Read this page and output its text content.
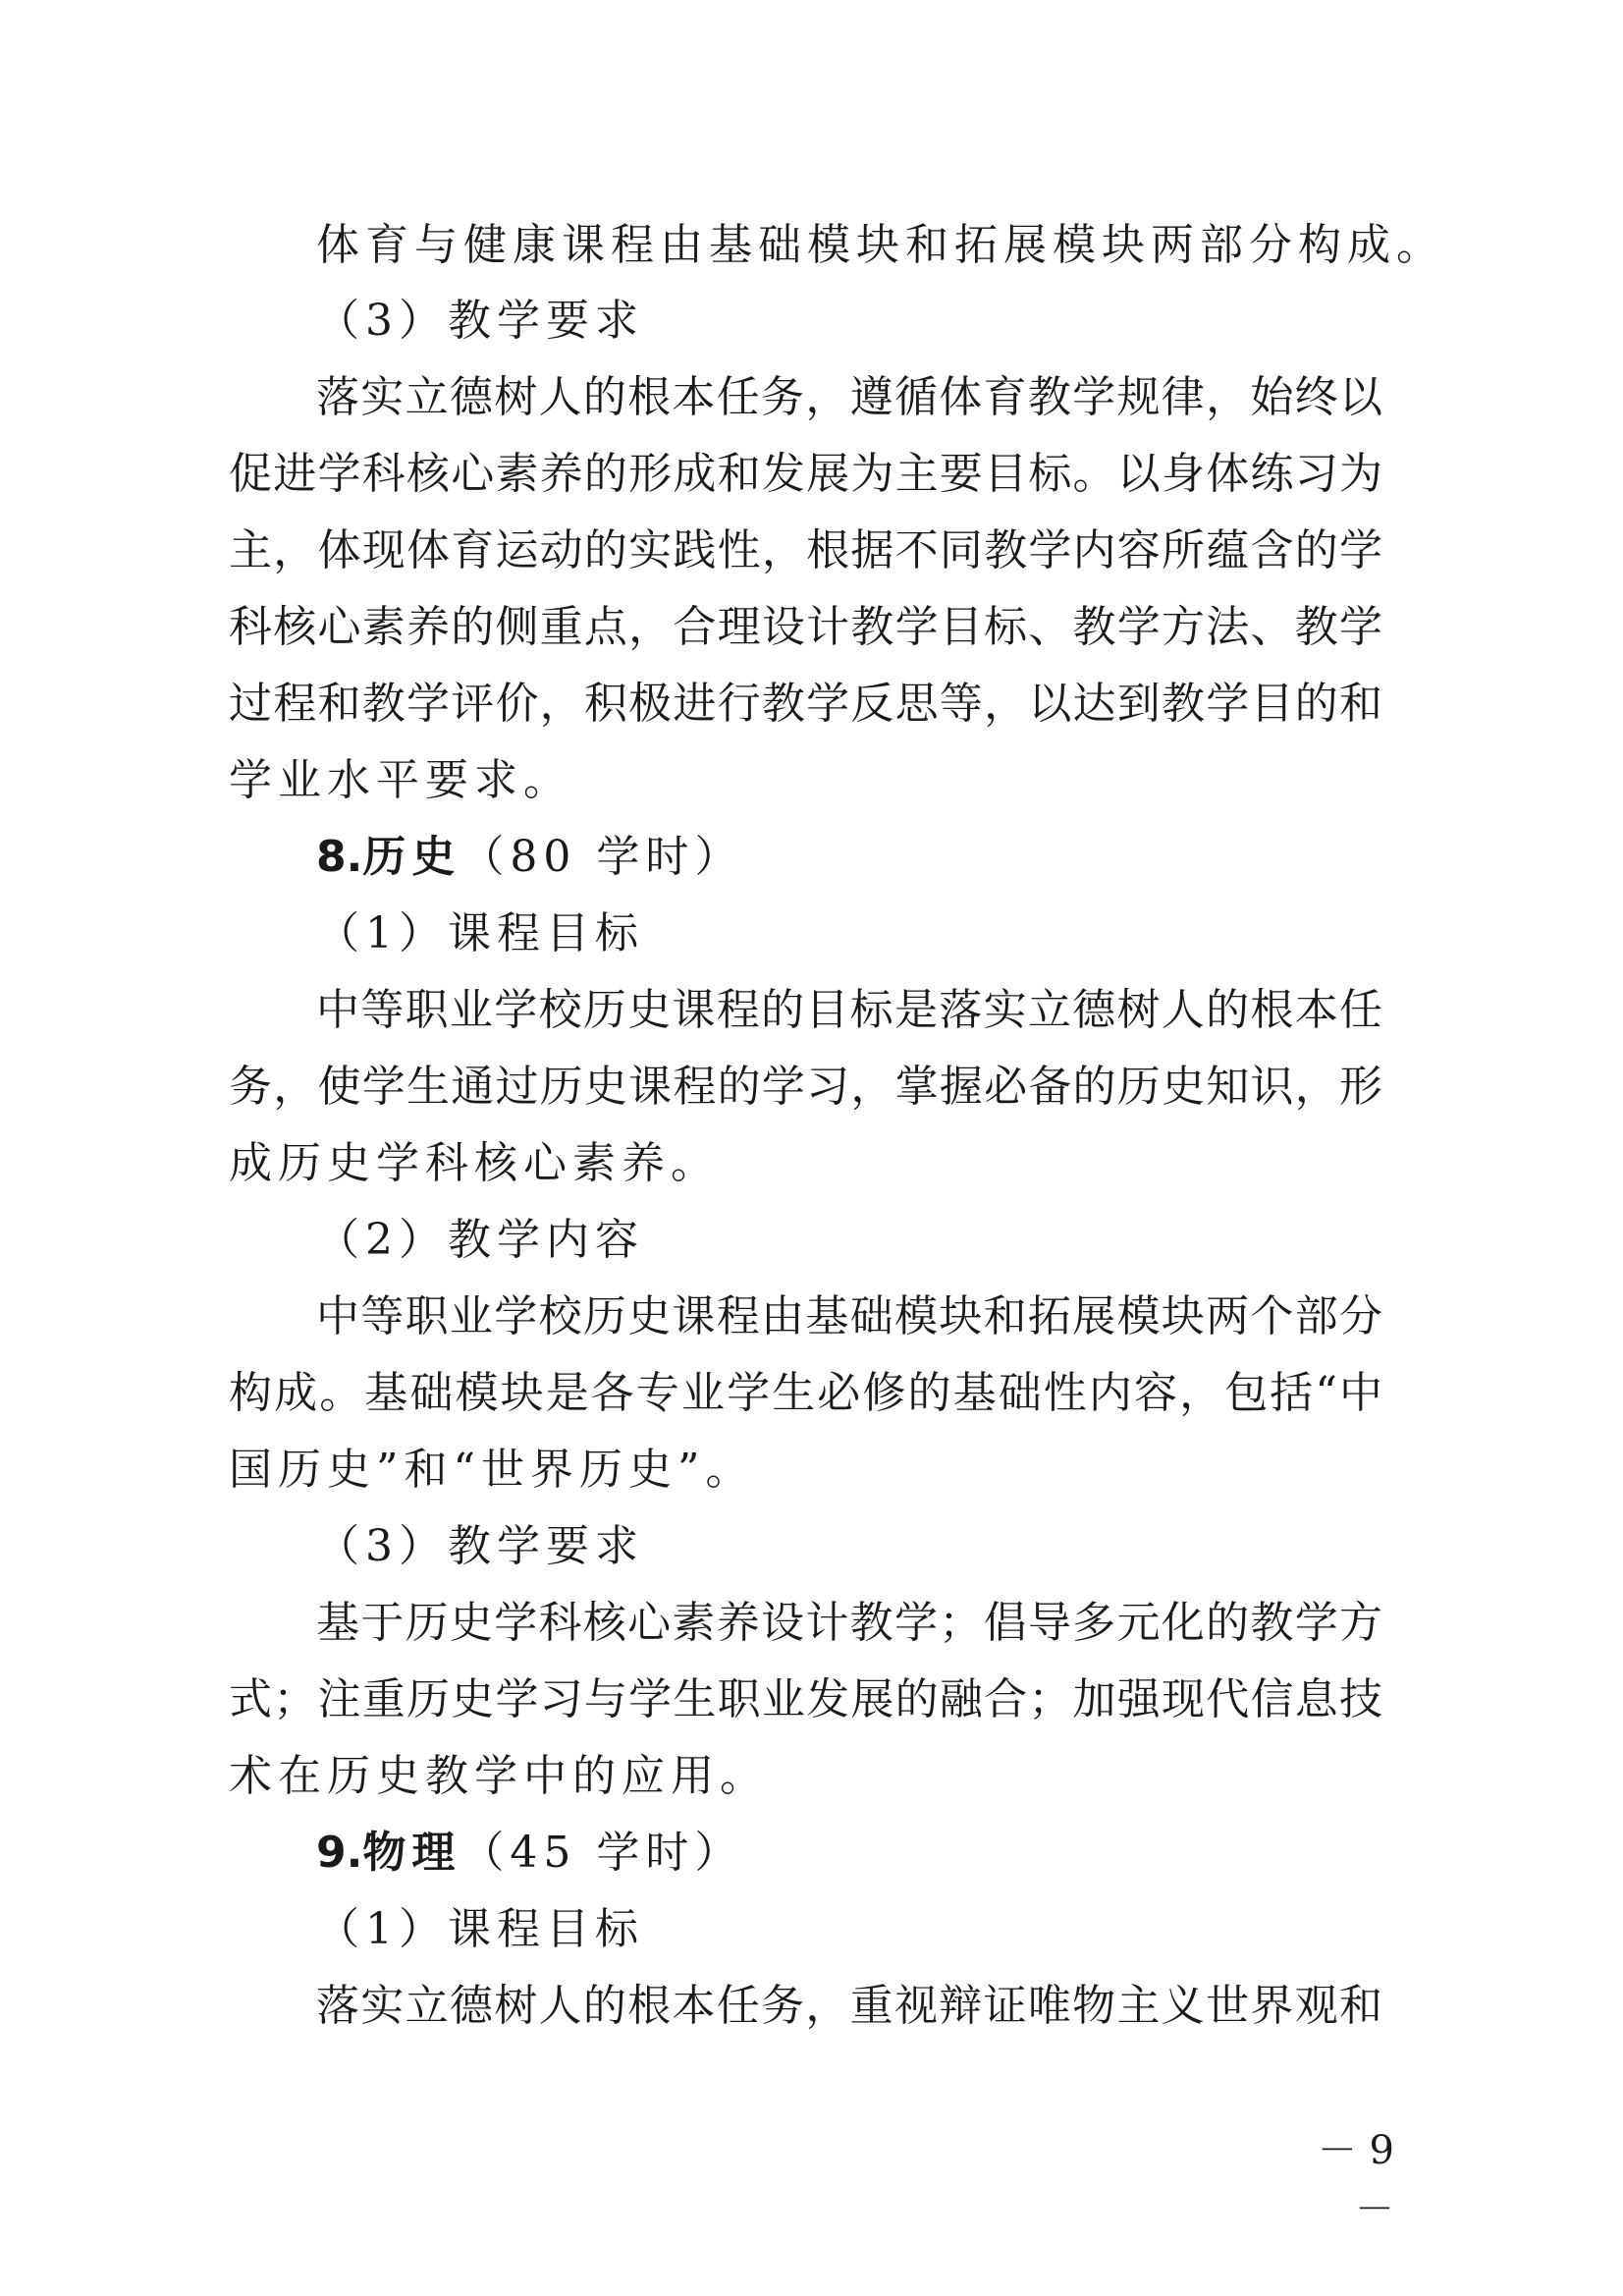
体育与健康课程由基础模块和拓展模块两部分构成。
（3）教学要求
落实立德树人的根本任务，遵循体育教学规律，始终以
促进学科核心素养的形成和发展为主要目标。以身体练习为
主，体现体育运动的实践性，根据不同教学内容所蕴含的学
科核心素养的侧重点，合理设计教学目标、教学方法、教学
过程和教学评价，积极进行教学反思等，以达到教学目的和
学业水平要求。
8.历史（80 学时）
（1）课程目标
中等职业学校历史课程的目标是落实立德树人的根本任
务，使学生通过历史课程的学习，掌握必备的历史知识，形
成历史学科核心素养。
（2）教学内容
中等职业学校历史课程由基础模块和拓展模块两个部分
构成。基础模块是各专业学生必修的基础性内容，包括“中
国历史”和“世界历史”。
（3）教学要求
基于历史学科核心素养设计教学；倡导多元化的教学方
式；注重历史学习与学生职业发展的融合；加强现代信息技
术在历史教学中的应用。
9.物理（45 学时）
（1）课程目标
落实立德树人的根本任务，重视辩证唯物主义世界观和
－ 9 －
